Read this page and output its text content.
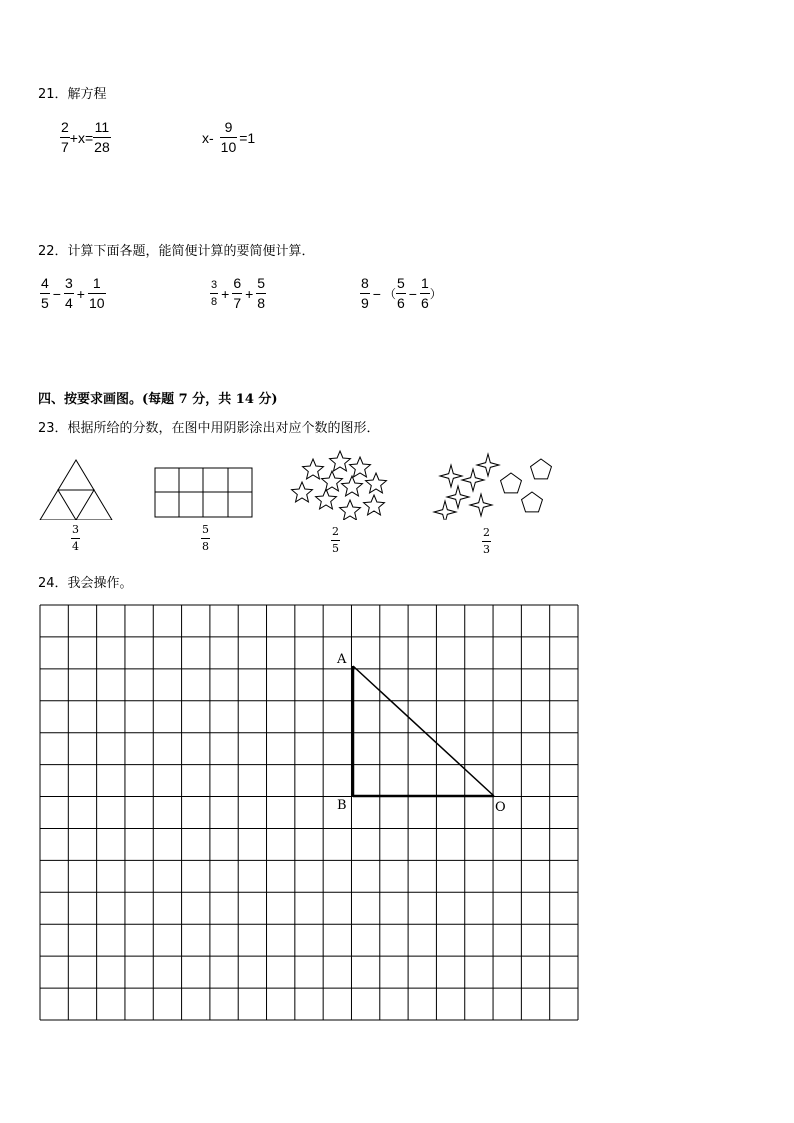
21．解方程
$\frac{2}{7} +x= \frac{11}{28}$	$x- \frac{9}{10} =1$
22．计算下面各题，能简便计算的要简便计算．
$\frac{4}{5} - \frac{3}{4} + \frac{1}{10}$	$\frac{3}{8} + \frac{6}{7} + \frac{5}{8}$	$\frac{8}{9}$ − （ $\frac{5}{6} - \frac{1}{6}$ ）
四、按要求画图。(每题 7 分，共 14 分)
23．根据所给的分数，在图中用阴影涂出对应个数的图形．
$\frac{3}{4}$	$\frac{5}{8}$	$\frac{2}{5}$	$\frac{2}{3}$
24．我会操作。
A
B	O
